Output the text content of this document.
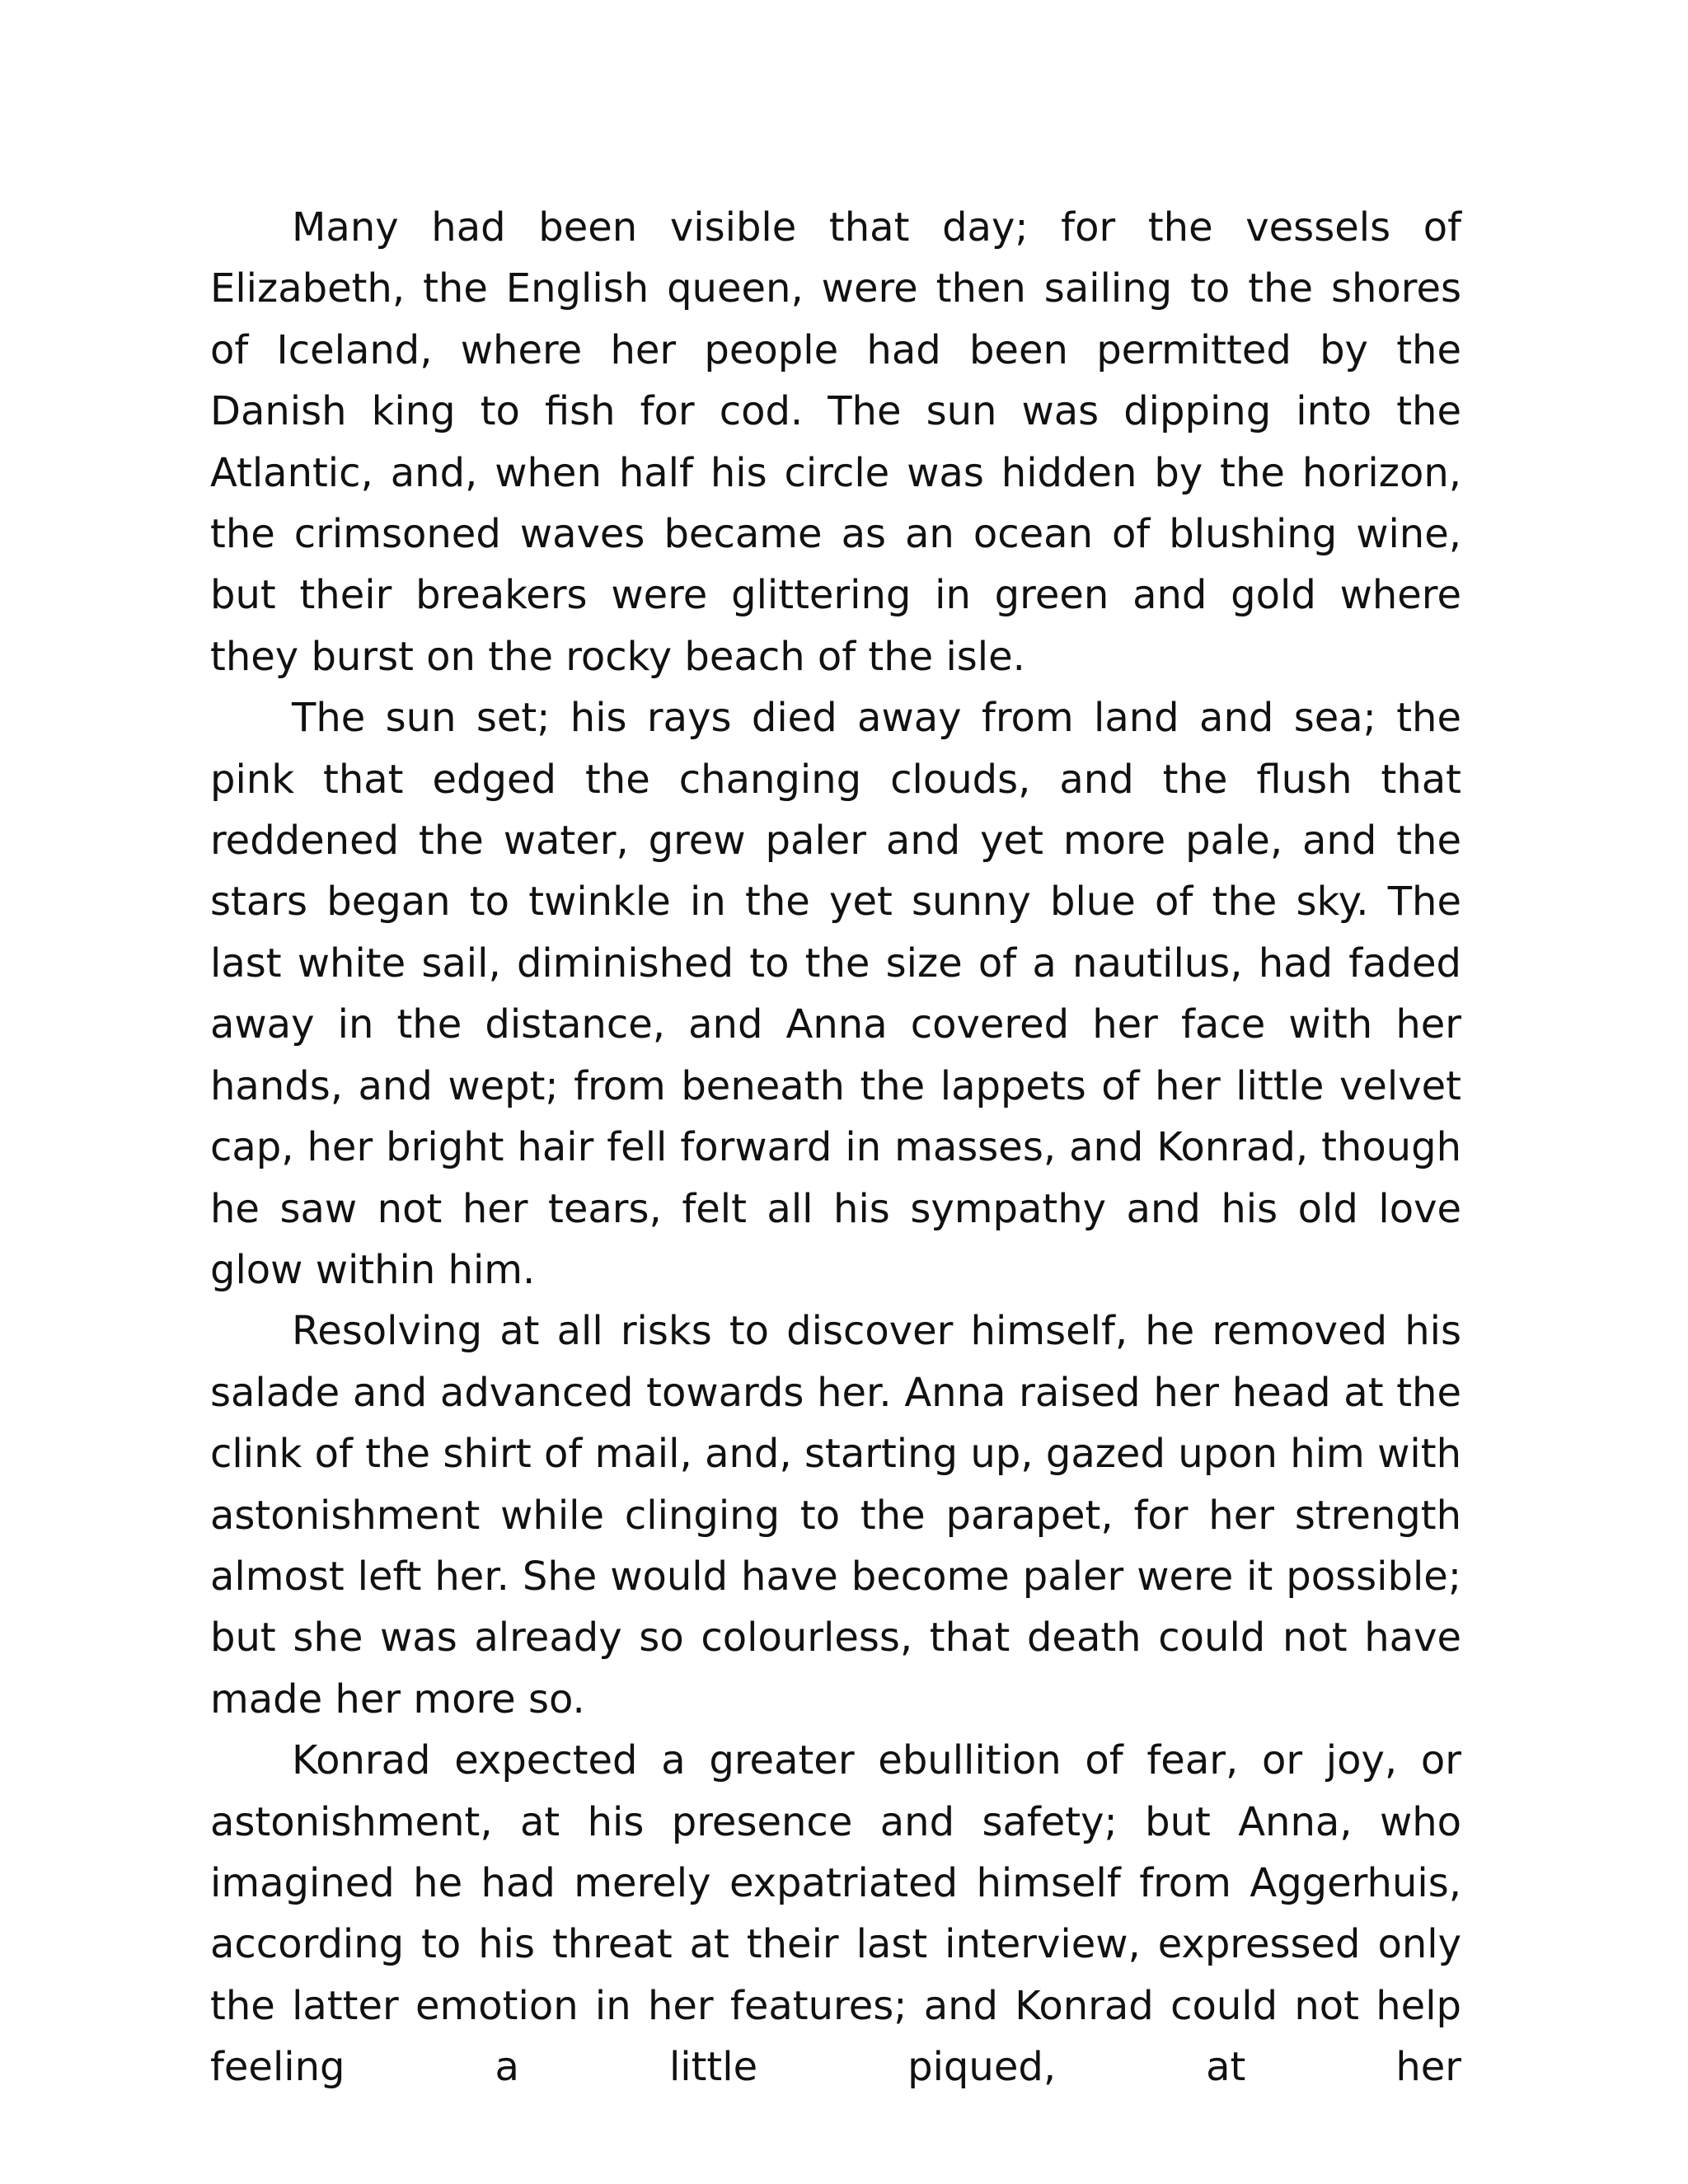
Many had been visible that day; for the vessels of Elizabeth, the English queen, were then sailing to the shores of Iceland, where her people had been permitted by the Danish king to fish for cod. The sun was dipping into the Atlantic, and, when half his circle was hidden by the horizon, the crimsoned waves became as an ocean of blushing wine, but their breakers were glittering in green and gold where they burst on the rocky beach of the isle.

The sun set; his rays died away from land and sea; the pink that edged the changing clouds, and the flush that reddened the water, grew paler and yet more pale, and the stars began to twinkle in the yet sunny blue of the sky. The last white sail, diminished to the size of a nautilus, had faded away in the distance, and Anna covered her face with her hands, and wept; from beneath the lappets of her little velvet cap, her bright hair fell forward in masses, and Konrad, though he saw not her tears, felt all his sympathy and his old love glow within him.

Resolving at all risks to discover himself, he removed his salade and advanced towards her. Anna raised her head at the clink of the shirt of mail, and, starting up, gazed upon him with astonishment while clinging to the parapet, for her strength almost left her. She would have become paler were it possible; but she was already so colourless, that death could not have made her more so.

Konrad expected a greater ebullition of fear, or joy, or astonishment, at his presence and safety; but Anna, who imagined he had merely expatriated himself from Aggerhuis, according to his threat at their last interview, expressed only the latter emotion in her features; and Konrad could not help feeling a little piqued, at her
